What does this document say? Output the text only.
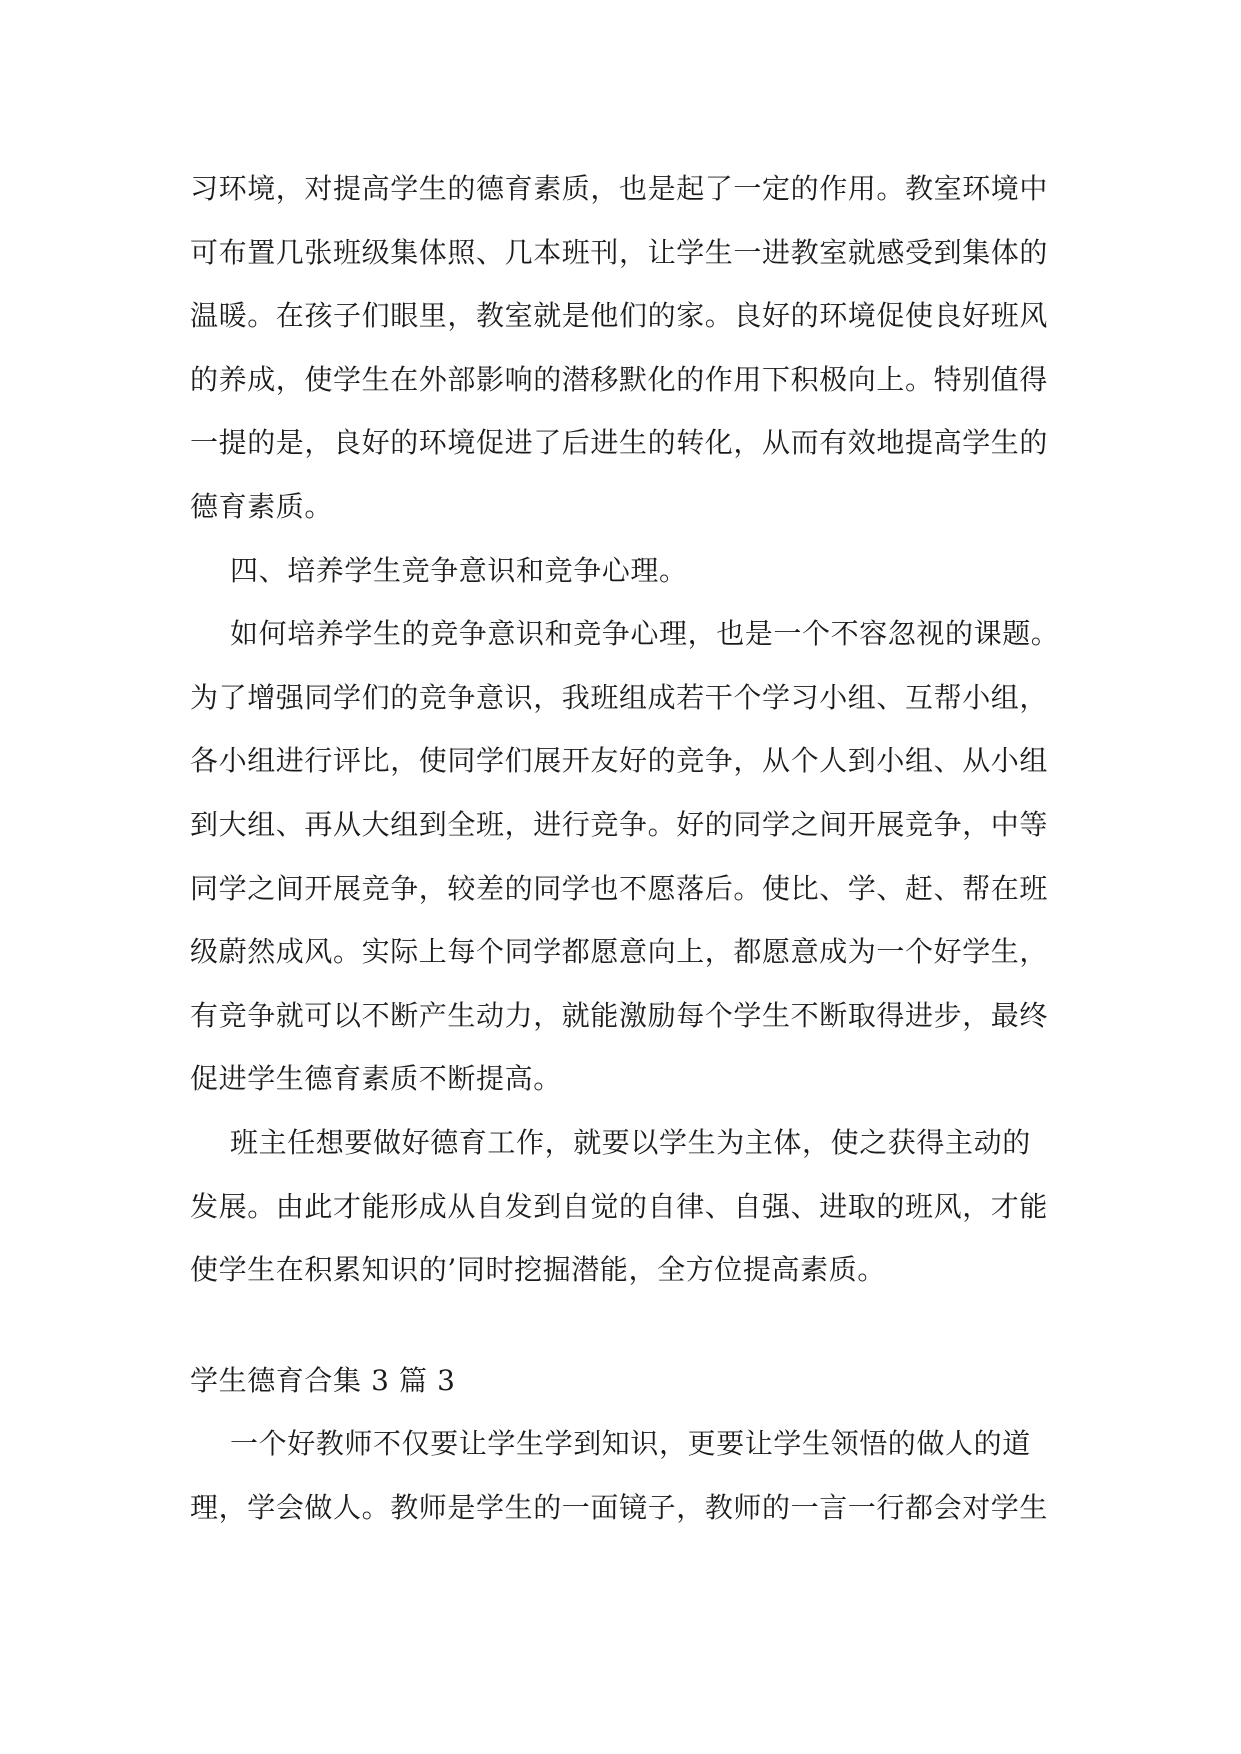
习环境，对提高学生的德育素质，也是起了一定的作用。教室环境中
可布置几张班级集体照、几本班刊，让学生一进教室就感受到集体的
温暖。在孩子们眼里，教室就是他们的家。良好的环境促使良好班风
的养成，使学生在外部影响的潜移默化的作用下积极向上。特别值得
一提的是，良好的环境促进了后进生的转化，从而有效地提高学生的
德育素质。
四、培养学生竞争意识和竞争心理。
如何培养学生的竞争意识和竞争心理，也是一个不容忽视的课题。
为了增强同学们的竞争意识，我班组成若干个学习小组、互帮小组，
各小组进行评比，使同学们展开友好的竞争，从个人到小组、从小组
到大组、再从大组到全班，进行竞争。好的同学之间开展竞争，中等
同学之间开展竞争，较差的同学也不愿落后。使比、学、赶、帮在班
级蔚然成风。实际上每个同学都愿意向上，都愿意成为一个好学生，
有竞争就可以不断产生动力，就能激励每个学生不断取得进步，最终
促进学生德育素质不断提高。
班主任想要做好德育工作，就要以学生为主体，使之获得主动的
发展。由此才能形成从自发到自觉的自律、自强、进取的班风，才能
使学生在积累知识的’同时挖掘潜能，全方位提高素质。
学生德育合集 3 篇 3
一个好教师不仅要让学生学到知识，更要让学生领悟的做人的道
理，学会做人。教师是学生的一面镜子，教师的一言一行都会对学生
